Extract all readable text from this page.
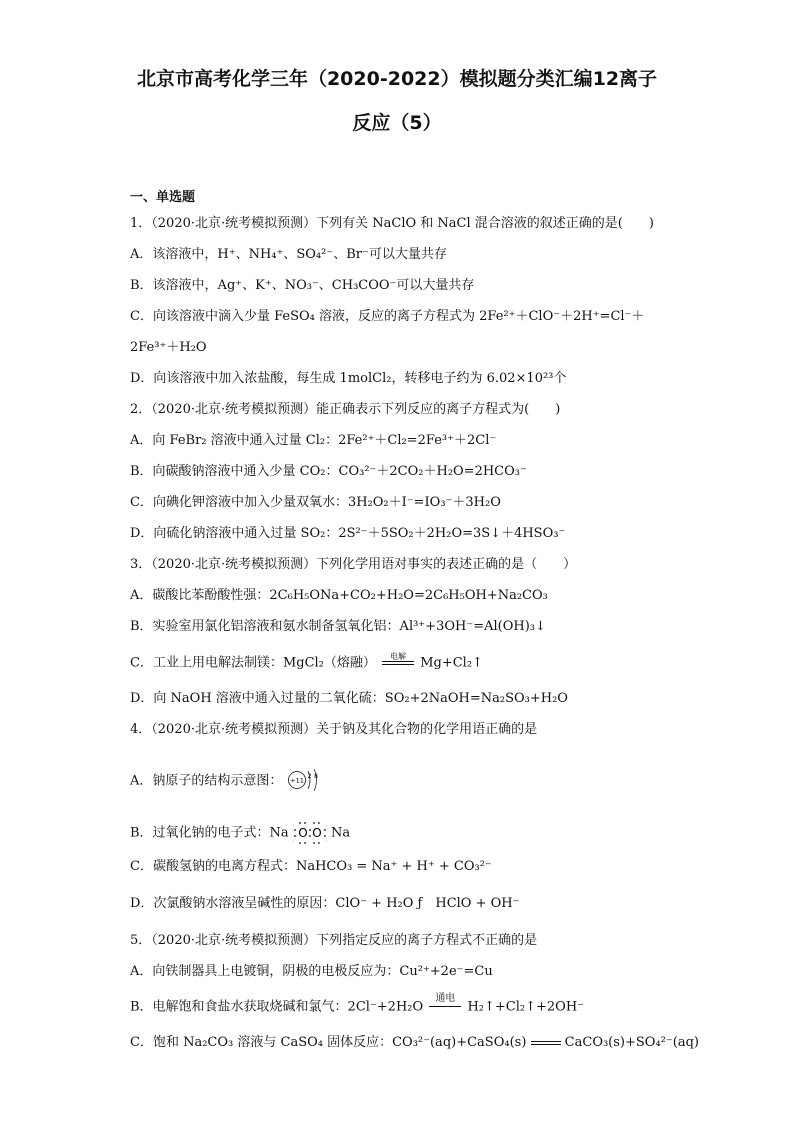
北京市高考化学三年（2020-2022）模拟题分类汇编12离子
反应（5）
一、单选题
1．（2020·北京·统考模拟预测）下列有关 NaClO 和 NaCl 混合溶液的叙述正确的是(　　)
A．该溶液中，H⁺、NH₄⁺、SO₄²⁻、Br⁻可以大量共存
B．该溶液中，Ag⁺、K⁺、NO₃⁻、CH₃COO⁻可以大量共存
C．向该溶液中滴入少量 FeSO₄ 溶液，反应的离子方程式为 2Fe²⁺＋ClO⁻＋2H⁺=Cl⁻＋
2Fe³⁺＋H₂O
D．向该溶液中加入浓盐酸，每生成 1molCl₂，转移电子约为 6.02×10²³个
2．（2020·北京·统考模拟预测）能正确表示下列反应的离子方程式为(　　)
A．向 FeBr₂ 溶液中通入过量 Cl₂：2Fe²⁺＋Cl₂=2Fe³⁺＋2Cl⁻
B．向碳酸钠溶液中通入少量 CO₂：CO₃²⁻＋2CO₂＋H₂O=2HCO₃⁻
C．向碘化钾溶液中加入少量双氧水：3H₂O₂＋I⁻=IO₃⁻＋3H₂O
D．向硫化钠溶液中通入过量 SO₂：2S²⁻＋5SO₂＋2H₂O=3S↓＋4HSO₃⁻
3．（2020·北京·统考模拟预测）下列化学用语对事实的表述正确的是（　　）
A．碳酸比苯酚酸性强：2C₆H₅ONa+CO₂+H₂O=2C₆H₅OH+Na₂CO₃
B．实验室用氯化铝溶液和氨水制备氢氧化铝：Al³⁺+3OH⁻=Al(OH)₃↓
C．工业上用电解法制镁：MgCl₂（熔融）	电解	Mg+Cl₂↑
D．向 NaOH 溶液中通入过量的二氧化硫：SO₂+2NaOH=Na₂SO₃+H₂O
4．（2020·北京·统考模拟预测）关于钠及其化合物的化学用语正确的是
A．钠原子的结构示意图： +11 2 8
B．过氧化钠的电子式：Na O O Na
C．碳酸氢钠的电离方程式：NaHCO₃ = Na⁺ + H⁺ + CO₃²⁻
D．次氯酸钠水溶液呈碱性的原因：ClO⁻ + H₂O ƒ　HClO + OH⁻
5．（2020·北京·统考模拟预测）下列指定反应的离子方程式不正确的是
A．向铁制器具上电镀铜，阴极的电极反应为：Cu²⁺+2e⁻=Cu
B．电解饱和食盐水获取烧碱和氯气：2Cl⁻+2H₂O
通电
H₂↑+Cl₂↑+2OH⁻
C．饱和 Na₂CO₃ 溶液与 CaSO₄ 固体反应：CO₃²⁻(aq)+CaSO₄(s)	CaCO₃(s)+SO₄²⁻(aq)
